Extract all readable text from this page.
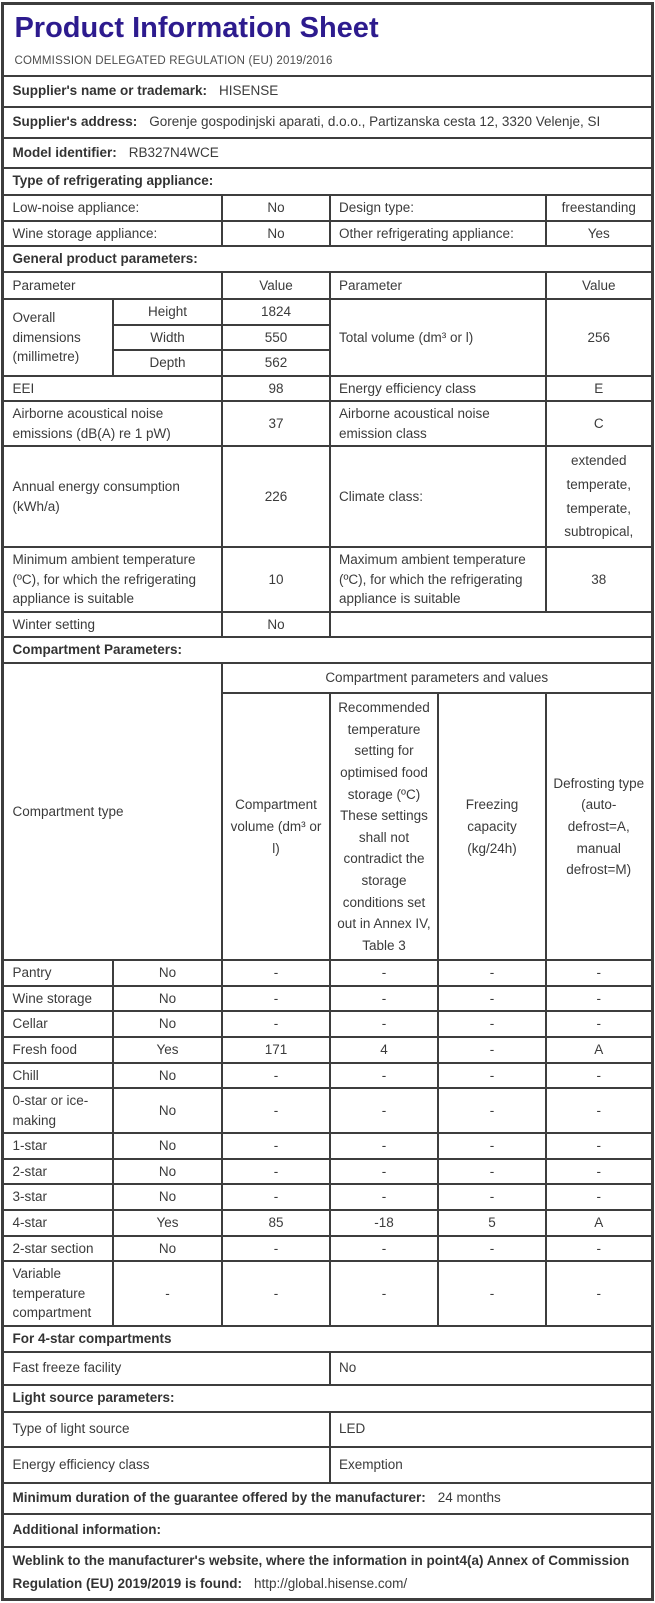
Product Information Sheet
COMMISSION DELEGATED REGULATION (EU) 2019/2016					

Supplier's name or trademark: HISENSE					
Supplier's address: Gorenje gospodinjski aparati, d.o.o., Partizanska cesta 12, 3320 Velenje, SI					
Model identifier: RB327N4WCE					
Type of refrigerating appliance:					
Low-noise appliance:		No	Design type:		freestanding
Wine storage appliance:		No	Other refrigerating appliance:		Yes
General product parameters:					
Parameter		Value	Parameter		Value
Overall dimensions (millimetre)	Height	1824	Total volume (dm³ or l)		256
	Width	550			
	Depth	562			
EEI		98	Energy efficiency class		E
Airborne acoustical noise emissions (dB(A) re 1 pW)		37	Airborne acoustical noise emission class		C
Annual energy consumption (kWh/a)		226	Climate class:		extended temperate, temperate, subtropical,
Minimum ambient temperature (ºC), for which the refrigerating appliance is suitable		10	Maximum ambient temperature (ºC), for which the refrigerating appliance is suitable		38
Winter setting		No			
Compartment Parameters:					
Compartment type		Compartment parameters and values			
		Compartment volume (dm³ or l)	Recommended temperature setting for optimised food storage (ºC) These settings shall not contradict the storage conditions set out in Annex IV, Table 3	Freezing capacity (kg/24h)	Defrosting type (auto-defrost=A, manual defrost=M)
Pantry	No	-	-	-	-
Wine storage	No	-	-	-	-
Cellar	No	-	-	-	-
Fresh food	Yes	171	4	-	A
Chill	No	-	-	-	-
0-star or ice-making	No	-	-	-	-
1-star	No	-	-	-	-
2-star	No	-	-	-	-
3-star	No	-	-	-	-
4-star	Yes	85	-18	5	A
2-star section	No	-	-	-	-
Variable temperature compartment	-	-	-	-	-
For 4-star compartments					
Fast freeze facility			No		
Light source parameters:					
Type of light source			LED		
Energy efficiency class			Exemption		
Minimum duration of the guarantee offered by the manufacturer: 24 months					
Additional information:					
Weblink to the manufacturer's website, where the information in point4(a) Annex of Commission Regulation (EU) 2019/2019 is found: http://global.hisense.com/					
